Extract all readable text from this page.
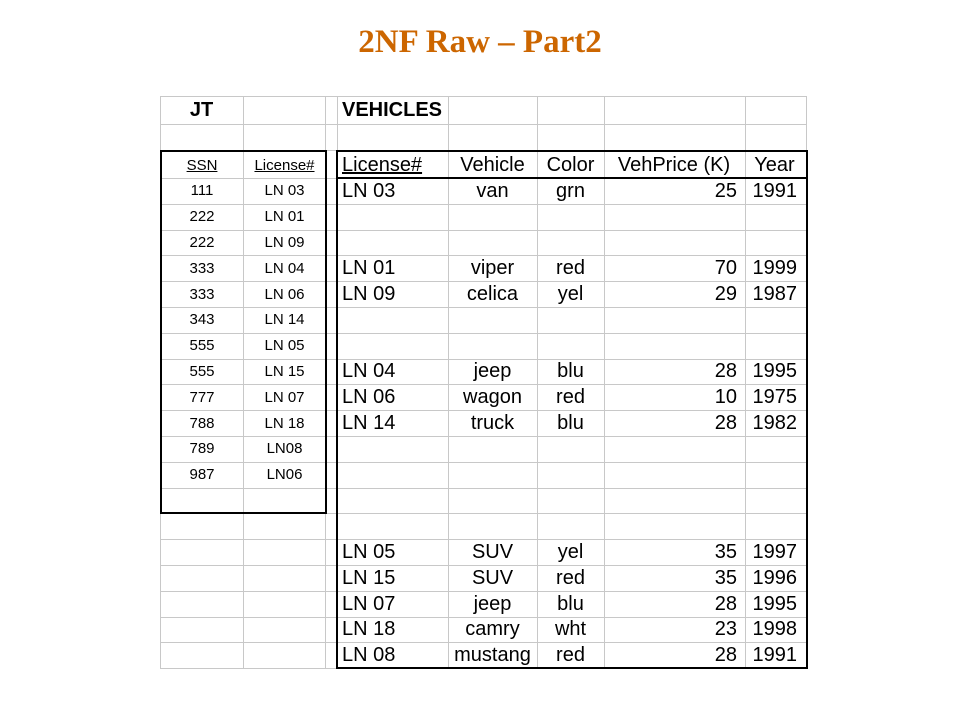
2NF Raw – Part2
JT	VEHICLES
SSN	License#
111	LN 03
222	LN 01
222	LN 09
333	LN 04
333	LN 06
343	LN 14
555	LN 05
555	LN 15
777	LN 07
788	LN 18
789	LN08
987	LN06
License#	Vehicle	Color	VehPrice (K)	Year
LN 03	van	grn	25 1991
LN 01	viper	red	70 1999
LN 09	celica	yel	29 1987
LN 04	jeep	blu	28 1995
LN 06	wagon	red	10 1975
LN 14	truck	blu	28 1982
LN 05	SUV	yel	35 1997
LN 15	SUV	red	35 1996
LN 07	jeep	blu	28 1995
LN 18	camry	wht	23 1998
LN 08	mustang	red	28 1991
